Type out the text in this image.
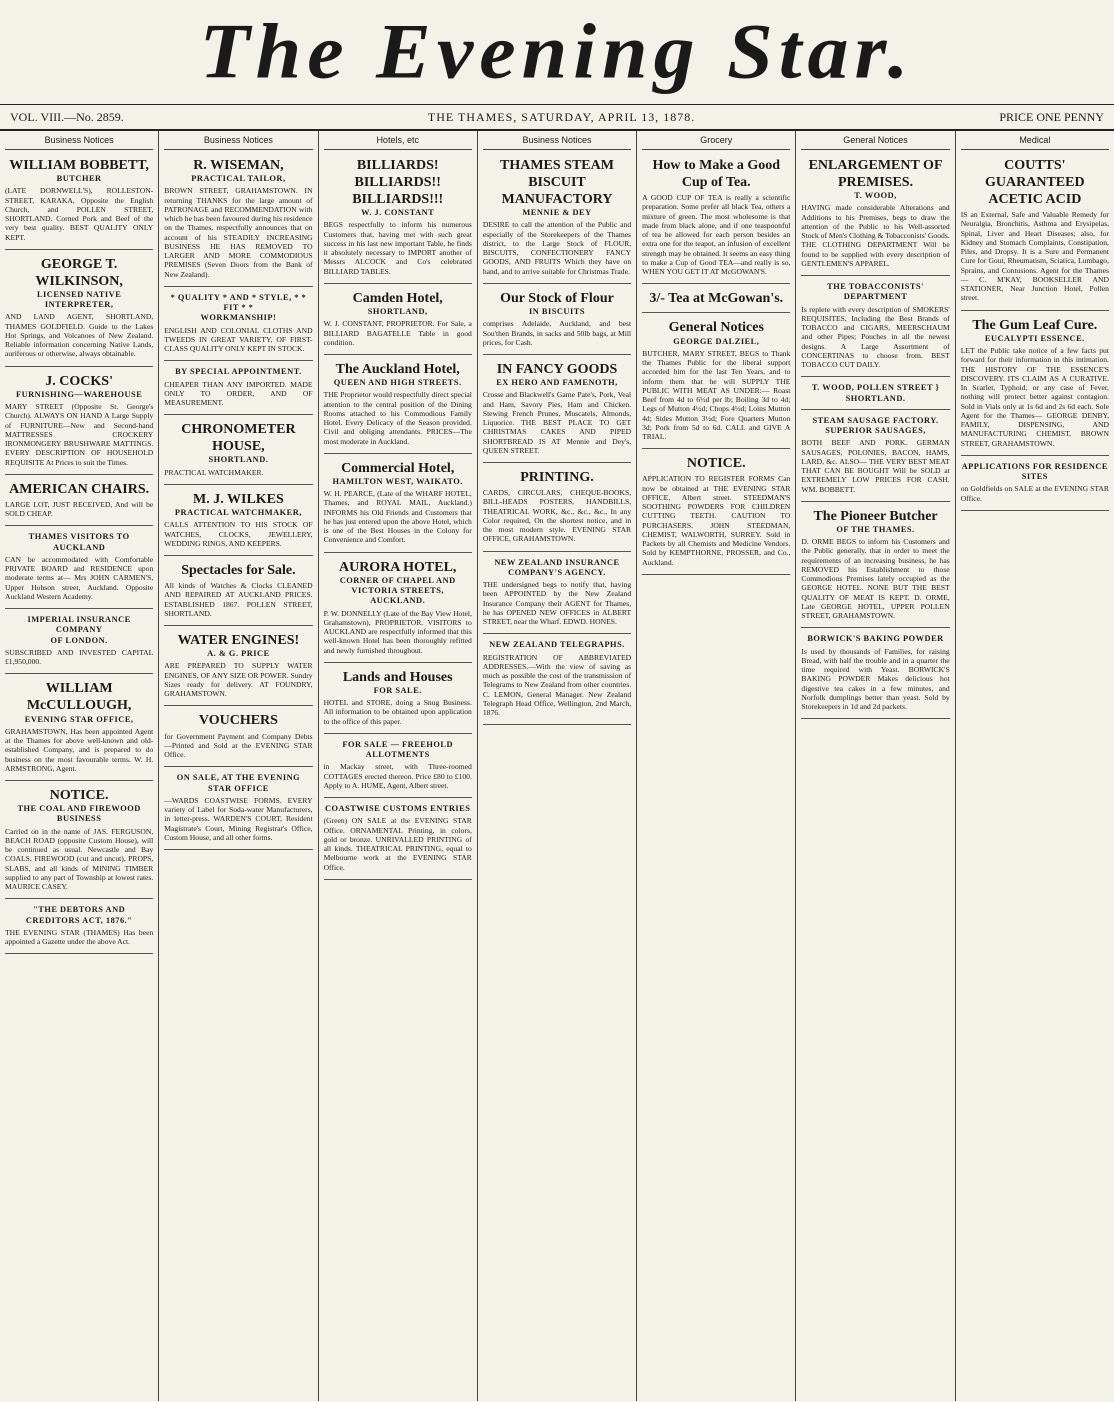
The Evening Star.
VOL. VIII.—No. 2859.	THE THAMES, SATURDAY, APRIL 13, 1878.	PRICE ONE PENNY
Business Notices
WILLIAM BOBBETT,
BUTCHER

(LATE DORNWELL'S), ROLLESTON-STREET, KARAKA, Opposite the English Church, and POLLEN STREET, SHORTLAND. Corned Pork and Beef of the very best quality. BEST QUALITY ONLY KEPT.

GEORGE T. WILKINSON,
LICENSED NATIVE INTERPRETER,

AND LAND AGENT, SHORTLAND, THAMES GOLDFIELD. Guide to the Lakes Hot Springs, and Volcanoes of New Zealand. Reliable information concerning Native Lands, auriferous or otherwise, always obtainable.

J. COCKS'
FURNISHING—WAREHOUSE

MARY STREET (Opposite St. George's Church). ALWAYS ON HAND A Large Supply of FURNITURE—New and Second-hand MATTRESSES CROCKERY IRONMONGERY BRUSHWARE MATTINGS. EVERY DESCRIPTION OF HOUSEHOLD REQUISITE At Prices to suit the Times.

AMERICAN CHAIRS.

LARGE LOT, JUST RECEIVED, And will be SOLD CHEAP.

THAMES VISITORS TO AUCKLAND

CAN be accommodated with Comfortable PRIVATE BOARD and RESIDENCE upon moderate terms at— Mrs JOHN CARMEN'S, Upper Hobson street, Auckland. Opposite Auckland Western Academy.

IMPERIAL INSURANCE COMPANY
OF LONDON.

SUBSCRIBED AND INVESTED CAPITAL £1,950,000.

WILLIAM McCULLOUGH,
EVENING STAR OFFICE,

GRAHAMSTOWN, Has been appointed Agent at the Thames for above well-known and old-established Company, and is prepared to do business on the most favourable terms. W. H. ARMSTRONG, Agent.

NOTICE.
THE COAL AND FIREWOOD BUSINESS

Carried on in the name of JAS. FERGUSON, BEACH ROAD (opposite Custom House), will be continued as usual. Newcastle and Bay COALS, FIREWOOD (cut and uncut), PROPS, SLABS, and all kinds of MINING TIMBER supplied to any part of Township at lowest rates. MAURICE CASEY.

"THE DEBTORS AND CREDITORS ACT, 1876."

THE EVENING STAR (THAMES) Has been appointed a Gazette under the above Act.

Business Notices
R. WISEMAN,
PRACTICAL TAILOR,

BROWN STREET, GRAHAMSTOWN. IN returning THANKS for the large amount of PATRONAGE and RECOMMENDATION with which he has been favoured during his residence on the Thames, respectfully announces that on account of his STEADILY INCREASING BUSINESS HE HAS REMOVED TO LARGER AND MORE COMMODIOUS PREMISES (Seven Doors from the Bank of New Zealand).

* QUALITY * AND * STYLE, * * FIT * *
WORKMANSHIP!

ENGLISH AND COLONIAL CLOTHS AND TWEEDS IN GREAT VARIETY, OF FIRST-CLASS QUALITY ONLY KEPT IN STOCK.

BY SPECIAL APPOINTMENT.

CHEAPER THAN ANY IMPORTED. MADE ONLY TO ORDER, AND OF MEASUREMENT.

CHRONOMETER HOUSE,
SHORTLAND.

PRACTICAL WATCHMAKER.

M. J. WILKES
PRACTICAL WATCHMAKER,

CALLS ATTENTION TO HIS STOCK OF WATCHES, CLOCKS, JEWELLERY, WEDDING RINGS, AND KEEPERS.

Spectacles for Sale.

All kinds of Watches & Clocks CLEANED AND REPAIRED AT AUCKLAND PRICES. ESTABLISHED 1867. POLLEN STREET, SHORTLAND.

WATER ENGINES!
A. & G. PRICE

ARE PREPARED TO SUPPLY WATER ENGINES, OF ANY SIZE OR POWER. Sundry Sizes ready for delivery. AT FOUNDRY, GRAHAMSTOWN.

VOUCHERS

for Government Payment and Company Debts—Printed and Sold at the EVENING STAR Office.

ON SALE, AT THE EVENING STAR OFFICE

—WARDS COASTWISE FORMS. EVERY variety of Label for Soda-water Manufacturers, in letter-press. WARDEN'S COURT, Resident Magistrate's Court, Mining Registrar's Office, Custom House, and all other forms.

Hotels, etc
BILLIARDS! BILLIARDS!! BILLIARDS!!!
W. J. CONSTANT

BEGS respectfully to inform his numerous Customers that, having met with such great success in his last new important Table, he finds it absolutely necessary to IMPORT another of Messrs ALCOCK and Co's celebrated BILLIARD TABLES.

Camden Hotel,
SHORTLAND,

W. J. CONSTANT, PROPRIETOR. For Sale, a BILLIARD BAGATELLE Table in good condition.

The Auckland Hotel,
QUEEN AND HIGH STREETS.

THE Proprietor would respectfully direct special attention to the central position of the Dining Rooms attached to his Commodious Family Hotel. Every Delicacy of the Season provided. Civil and obliging attendants. PRICES—The most moderate in Auckland.

Commercial Hotel,
HAMILTON WEST, WAIKATO.

W. H. PEARCE, (Late of the WHARF HOTEL, Thames, and ROYAL MAIL, Auckland.) INFORMS his Old Friends and Customers that he has just entered upon the above Hotel, which is one of the Best Houses in the Colony for Convenience and Comfort.

AURORA HOTEL,
CORNER OF CHAPEL AND VICTORIA STREETS, AUCKLAND.

P. W. DONNELLY (Late of the Bay View Hotel, Grahamstown), PROPRIETOR. VISITORS to AUCKLAND are respectfully informed that this well-known Hotel has been thoroughly refitted and newly furnished throughout.

Lands and Houses
FOR SALE.

HOTEL and STORE, doing a Snug Business. All information to be obtained upon application to the office of this paper.

FOR SALE — FREEHOLD ALLOTMENTS

in Mackay street, with Three-roomed COTTAGES erected thereon. Price £80 to £100. Apply to A. HUME, Agent, Albert street.

COASTWISE CUSTOMS ENTRIES

(Green) ON SALE at the EVENING STAR Office. ORNAMENTAL Printing, in colors, gold or bronze. UNRIVALLED PRINTING of all kinds. THEATRICAL PRINTING, equal to Melbourne work at the EVENING STAR Office.

Business Notices
THAMES STEAM BISCUIT MANUFACTORY
MENNIE & DEY

DESIRE to call the attention of the Public and especially of the Storekeepers of the Thames district, to the Large Stock of FLOUR, BISCUITS, CONFECTIONERY FANCY GOODS, AND FRUITS Which they have on hand, and to arrive suitable for Christmas Trade.

Our Stock of Flour
IN BISCUITS

comprises Adelaide, Auckland, and best Sou'then Brands, in sacks and 50lb bags, at Mill prices, for Cash.

IN FANCY GOODS
EX HERO AND FAMENOTH,

Crosse and Blackwell's Game Pate's, Pork, Veal and Ham, Savory Pies, Ham and Chicken. Stewing French Prunes, Muscatels, Almonds, Liquorice. THE BEST PLACE TO GET CHRISTMAS CAKES AND PIPED SHORTBREAD IS AT Mennie and Dey's, QUEEN STREET.

PRINTING.

CARDS, CIRCULARS, CHEQUE-BOOKS, BILL-HEADS POSTERS, HANDBILLS, THEATRICAL WORK, &c., &c., &c., In any Color required, On the shortest notice, and in the most modern style. EVENING STAR OFFICE, GRAHAMSTOWN.

NEW ZEALAND INSURANCE COMPANY'S AGENCY.

THE undersigned begs to notify that, having been APPOINTED by the New Zealand Insurance Company their AGENT for Thames, he has OPENED NEW OFFICES in ALBERT STREET, near the Wharf. EDWD. HONES.

NEW ZEALAND TELEGRAPHS.

REGISTRATION OF ABBREVIATED ADDRESSES.—With the view of saving as much as possible the cost of the transmission of Telegrams to New Zealand from other countries. C. LEMON, General Manager. New Zealand Telegraph Head Office, Wellington, 2nd March, 1876.

Grocery
How to Make a Good Cup of Tea.

A GOOD CUP OF TEA is really a scientific preparation. Some prefer all black Tea, others a mixture of green. The most wholesome is that made from black alone, and if one teaspoonful of tea be allowed for each person besides an extra one for the teapot, an infusion of excellent strength may be obtained. It seems an easy thing to make a Cup of Good TEA—and really is so, WHEN YOU GET IT AT McGOWAN'S.

3/- Tea at McGowan's.
General Notices
GEORGE DALZIEL,

BUTCHER, MARY STREET, BEGS to Thank the Thames Public for the liberal support accorded him for the last Ten Years, and to inform them that he will SUPPLY THE PUBLIC WITH MEAT AS UNDER:— Roast Beef from 4d to 6½d per lb; Boiling 3d to 4d; Legs of Mutton 4½d; Chops 4½d; Loins Mutton 4d; Sides Mutton 3½d; Fore Quarters Mutton 3d; Pork from 5d to 6d. CALL and GIVE A TRIAL.

NOTICE.

APPLICATION TO REGISTER FORMS Can now be obtained at THE EVENING STAR OFFICE, Albert street. STEEDMAN'S SOOTHING POWDERS FOR CHILDREN CUTTING TEETH. CAUTION TO PURCHASERS. JOHN STEEDMAN, CHEMIST, WALWORTH, SURREY. Sold in Packets by all Chemists and Medicine Vendors. Sold by KEMPTHORNE, PROSSER, and Co., Auckland.

General Notices
ENLARGEMENT OF PREMISES.
T. WOOD,

HAVING made considerable Alterations and Additions to his Premises, begs to draw the attention of the Public to his Well-assorted Stock of Men's Clothing & Tobacconists' Goods. THE CLOTHING DEPARTMENT Will be found to be supplied with every description of GENTLEMEN'S APPAREL.

THE TOBACCONISTS' DEPARTMENT

Is replete with every description of SMOKERS' REQUISITES, Including the Best Brands of TOBACCO and CIGARS, MEERSCHAUM and other Pipes; Pouches in all the newest designs. A Large Assortment of CONCERTINAS to choose from. BEST TOBACCO CUT DAILY.

T. WOOD, POLLEN STREET } SHORTLAND.
STEAM SAUSAGE FACTORY.
SUPERIOR SAUSAGES,

BOTH BEEF AND PORK. GERMAN SAUSAGES, POLONIES, BACON, HAMS, LARD, &c. ALSO— THE VERY BEST MEAT THAT CAN BE BOUGHT Will be SOLD at EXTREMELY LOW PRICES FOR CASH. WM. BOBBETT.

The Pioneer Butcher
OF THE THAMES.

D. ORME BEGS to inform his Customers and the Public generally, that in order to meet the requirements of an increasing business, he has REMOVED his Establishment to those Commodious Premises lately occupied as the GEORGE HOTEL. NONE BUT THE BEST QUALITY OF MEAT IS KEPT. D. ORME, Late GEORGE HOTEL, UPPER POLLEN STREET, GRAHAMSTOWN.

BORWICK'S BAKING POWDER

Is used by thousands of Families, for raising Bread, with half the trouble and in a quarter the time required with Yeast. BORWICK'S BAKING POWDER Makes delicious hot digestive tea cakes in a few minutes, and Norfolk dumplings better than yeast. Sold by Storekeepers in 1d and 2d packets.

Medical
COUTTS' GUARANTEED ACETIC ACID

IS an External, Safe and Valuable Remedy for Neuralgia, Bronchitis, Asthma and Erysipelas, Spinal, Liver and Heart Diseases; also, for Kidney and Stomach Complaints, Constipation, Piles, and Dropsy. It is a Sure and Permanent Cure for Gout, Rheumatism, Sciatica, Lumbago, Sprains, and Contusions. Agent for the Thames— C. M'KAY, BOOKSELLER AND STATIONER, Near Junction Hotel, Pollen street.

The Gum Leaf Cure.
EUCALYPTI ESSENCE.

LET the Public take notice of a few facts put forward for their information in this intimation. THE HISTORY OF THE ESSENCE'S DISCOVERY. ITS CLAIM AS A CURATIVE. In Scarlet, Typhoid, or any case of Fever, nothing will protect better against contagion. Sold in Vials only at 1s 6d and 2s 6d each. Sole Agent for the Thames— GEORGE DENBY, FAMILY, DISPENSING, AND MANUFACTURING CHEMIST, BROWN STREET, GRAHAMSTOWN.

APPLICATIONS FOR RESIDENCE SITES

on Goldfields on SALE at the EVENING STAR Office.
